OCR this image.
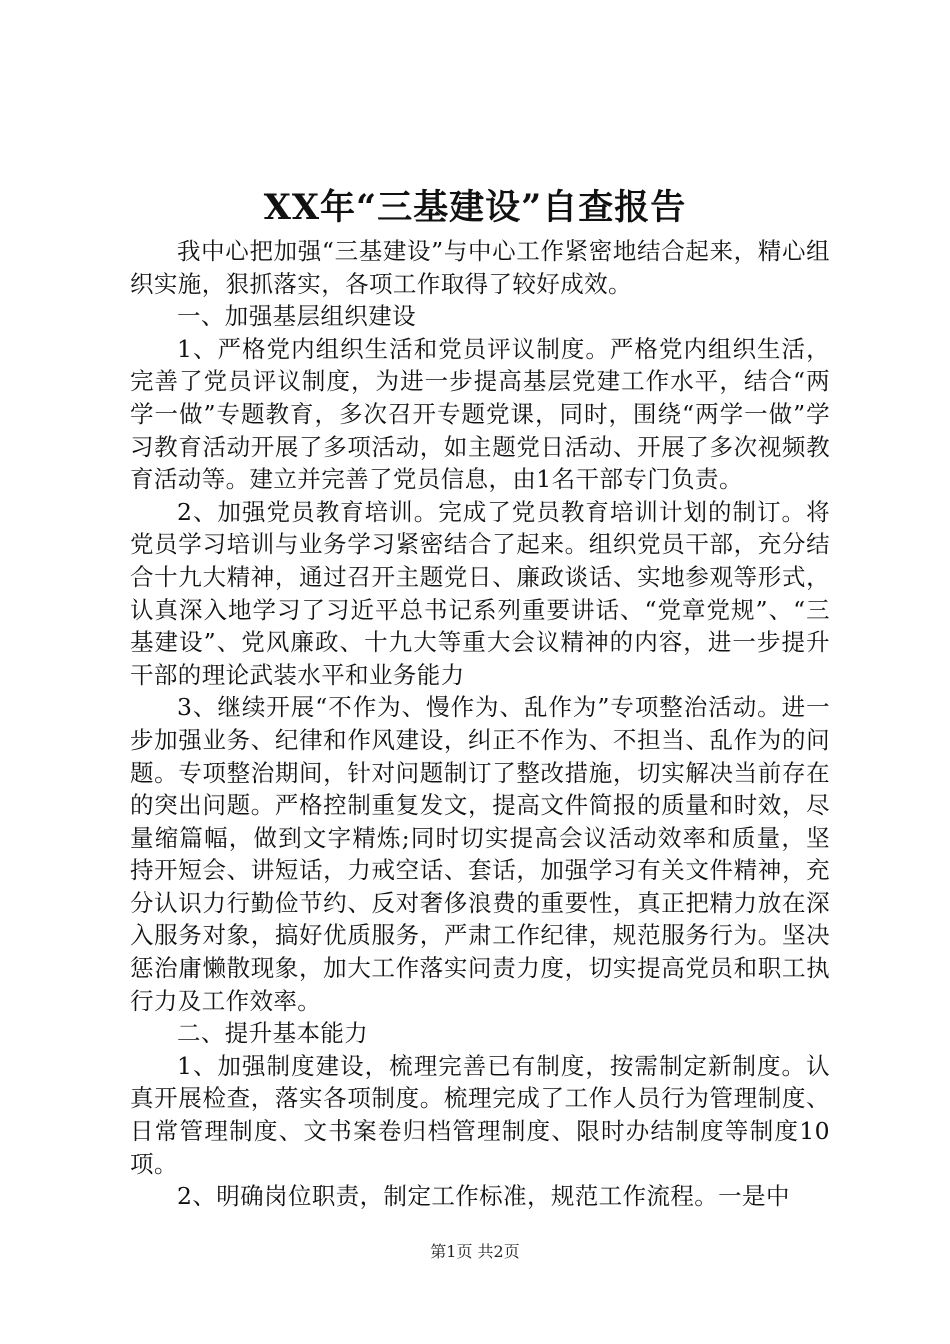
XX年“三基建设”自查报告

我中心把加强“三基建设”与中心工作紧密地结合起来，精心组织实施，狠抓落实，各项工作取得了较好成效。

一、加强基层组织建设

1、严格党内组织生活和党员评议制度。严格党内组织生活，完善了党员评议制度，为进一步提高基层党建工作水平，结合“两学一做”专题教育，多次召开专题党课，同时，围绕“两学一做”学习教育活动开展了多项活动，如主题党日活动、开展了多次视频教育活动等。建立并完善了党员信息，由1名干部专门负责。

2、加强党员教育培训。完成了党员教育培训计划的制订。将党员学习培训与业务学习紧密结合了起来。组织党员干部，充分结合十九大精神，通过召开主题党日、廉政谈话、实地参观等形式，认真深入地学习了习近平总书记系列重要讲话、“党章党规”、“三基建设”、党风廉政、十九大等重大会议精神的内容，进一步提升干部的理论武装水平和业务能力

3、继续开展“不作为、慢作为、乱作为”专项整治活动。进一步加强业务、纪律和作风建设，纠正不作为、不担当、乱作为的问题。专项整治期间，针对问题制订了整改措施，切实解决当前存在的突出问题。严格控制重复发文，提高文件简报的质量和时效，尽量缩篇幅，做到文字精炼;同时切实提高会议活动效率和质量，坚持开短会、讲短话，力戒空话、套话，加强学习有关文件精神，充分认识力行勤俭节约、反对奢侈浪费的重要性，真正把精力放在深入服务对象，搞好优质服务，严肃工作纪律，规范服务行为。坚决惩治庸懒散现象，加大工作落实问责力度，切实提高党员和职工执行力及工作效率。

二、提升基本能力

1、加强制度建设，梳理完善已有制度，按需制定新制度。认真开展检查，落实各项制度。梳理完成了工作人员行为管理制度、日常管理制度、文书案卷归档管理制度、限时办结制度等制度10项。

2、明确岗位职责，制定工作标准，规范工作流程。一是中

第1页 共2页
